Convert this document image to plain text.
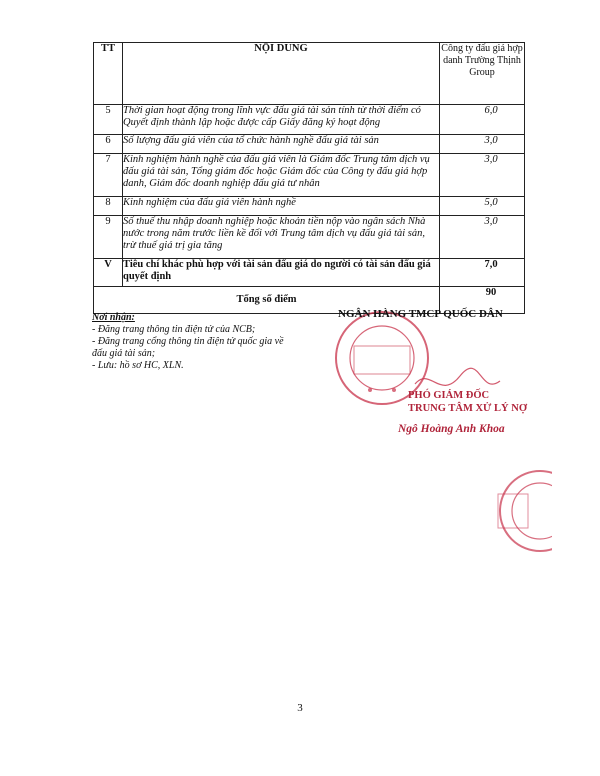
TT	NỘI DUNG	Công ty đấu giá hợp danh Trường Thịnh Group
5	Thời gian hoạt động trong lĩnh vực đấu giá tài sản tính từ thời điểm có Quyết định thành lập hoặc được cấp Giấy đăng ký hoạt động	6,0
6	Số lượng đấu giá viên của tổ chức hành nghề đấu giá tài sản	3,0
7	Kinh nghiệm hành nghề của đấu giá viên là Giám đốc Trung tâm dịch vụ đấu giá tài sản, Tổng giám đốc hoặc Giám đốc của Công ty đấu giá hợp danh, Giám đốc doanh nghiệp đấu giá tư nhân	3,0
8	Kinh nghiệm của đấu giá viên hành nghề	5,0
9	Số thuế thu nhập doanh nghiệp hoặc khoản tiền nộp vào ngân sách Nhà nước trong năm trước liền kề đối với Trung tâm dịch vụ đấu giá tài sản, trừ thuế giá trị gia tăng	3,0
V	Tiêu chí khác phù hợp với tài sản đấu giá do người có tài sản đấu giá quyết định	7,0
Tổng số điểm		90
Nơi nhận:
- Đăng trang thông tin điện tử của NCB;
- Đăng trang cổng thông tin điện tử quốc gia về đấu giá tài sản;
- Lưu: hồ sơ HC, XLN.
NGÂN HÀNG TMCP QUỐC DÂN
PHÓ GIÁM ĐỐC
TRUNG TÂM XỬ LÝ NỢ
Ngô Hoàng Anh Khoa
3
